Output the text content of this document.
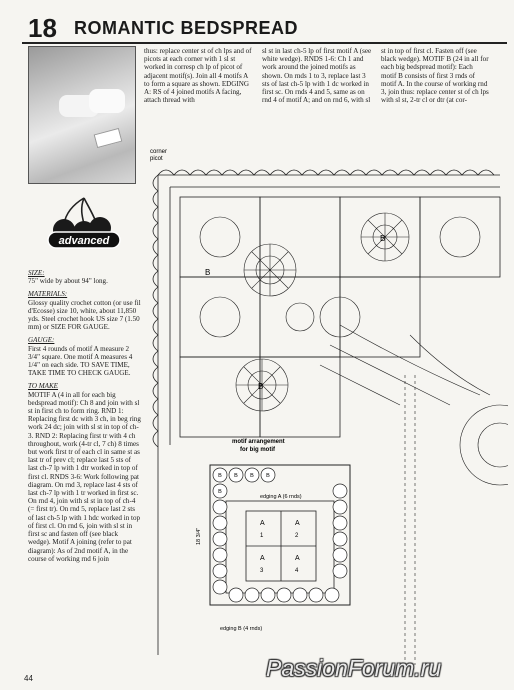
18 ROMANTIC BEDSPREAD
advanced

SIZE:

75" wide by about 94" long.

MATERIALS:

Glossy quality crochet cotton (or use fil d'Ecosse) size 10, white, about 11,850 yds. Steel crochet hook US size 7 (1.50 mm) or SIZE FOR GAUGE.

GAUGE:

First 4 rounds of motif A measure 2 3/4" square. One motif A measures 4 1/4" on each side. TO SAVE TIME, TAKE TIME TO CHECK GAUGE.

TO MAKE

MOTIF A (4 in all for each big bedspread motif): Ch 8 and join with sl st in first ch to form ring. RND 1: Replacing first dc with 3 ch, in beg ring work 24 dc; join with sl st in top of ch-3. RND 2: Replacing first tr with 4 ch throughout, work (4-tr cl, 7 ch) 8 times but work first tr of each cl in same st as last tr of prev cl; replace last 5 sts of last ch-7 lp with 1 dtr worked in top of first cl. RNDS 3-6: Work following pat diagram. On rnd 3, replace last 4 sts of last ch-7 lp with 1 tr worked in first sc. On rnd 4, join with sl st in top of ch-4 (= first tr). On rnd 5, replace last 2 sts of last ch-5 lp with 1 hdc worked in top of first cl. On rnd 6, join with sl st in first sc and fasten off (see black wedge). Motif A joining (refer to pat diagram): As of 2nd motif A, in the course of working rnd 6 join

thus: replace center st of ch lps and of picots at each corner with 1 sl st worked in corresp ch lp of picot of adjacent motif(s). Join all 4 motifs A to form a square as shown. EDGING A: RS of 4 joined motifs A facing, attach thread with

sl st in last ch-5 lp of first motif A (see white wedge). RNDS 1-6: Ch 1 and work around the joined motifs as shown. On rnds 1 to 3, replace last 3 sts of last ch-5 lp with 1 dc worked in first sc. On rnds 4 and 5, same as on rnd 4 of motif A; and on rnd 6, with sl

st in top of first cl. Fasten off (see black wedge). MOTIF B (24 in all for each big bedspread motif): Each motif B consists of first 3 rnds of motif A. In the course of working rnd 3, join thus: replace center st of ch lps with sl st, 2-tr cl or dtr (at cor-

B
B
B
corner
picot
motif arrangement
for big motif
edging A (6 rnds)
edging B (4 rnds)
18 3/4"
A	A
A	A
1	2
3	4
B B B B
B
44	PassionForum.ru
